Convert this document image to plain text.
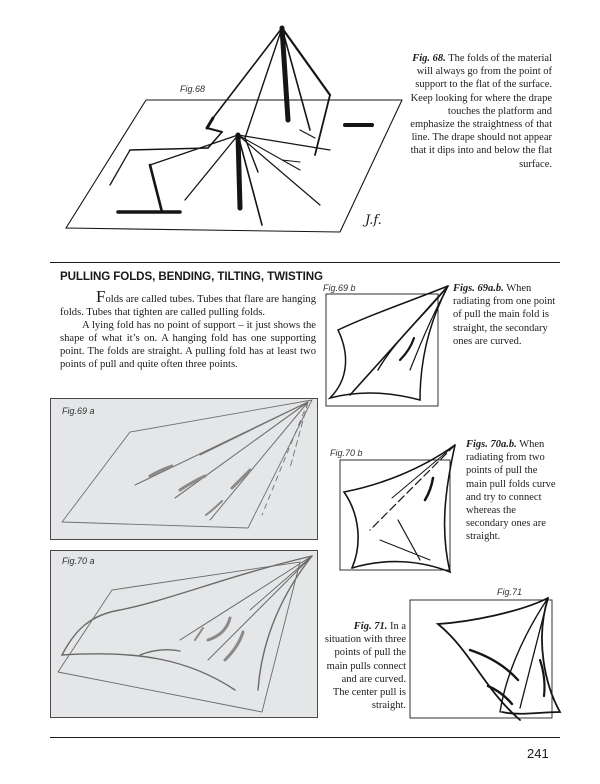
Fig.68
J.f.
Fig. 68. The folds of the material will always go from the point of support to the flat of the surface. Keep looking for where the drape touches the platform and emphasize the straightness of that line. The drape should not appear that it dips into and below the flat surface.
PULLING FOLDS, BENDING, TILTING, TWISTING

Folds are called tubes. Tubes that flare are hanging folds. Tubes that tighten are called pulling folds.

A lying fold has no point of support – it just shows the shape of what it’s on. A hanging fold has one supporting point. The folds are straight. A pulling fold has at least two points of pull and quite often three points.

Fig.69 a
Fig.70 a
Fig.69 b	Figs. 69a.b. When radiating from one point of pull the main fold is straight, the secondary ones are curved.
Fig.70 b
Figs. 70a.b. When radiating from two points of pull the main pull folds curve and try to connect whereas the secondary ones are straight.
Fig.71
Fig. 71. In a situation with three points of pull the main pulls connect and are curved. The center pull is straight.
241
